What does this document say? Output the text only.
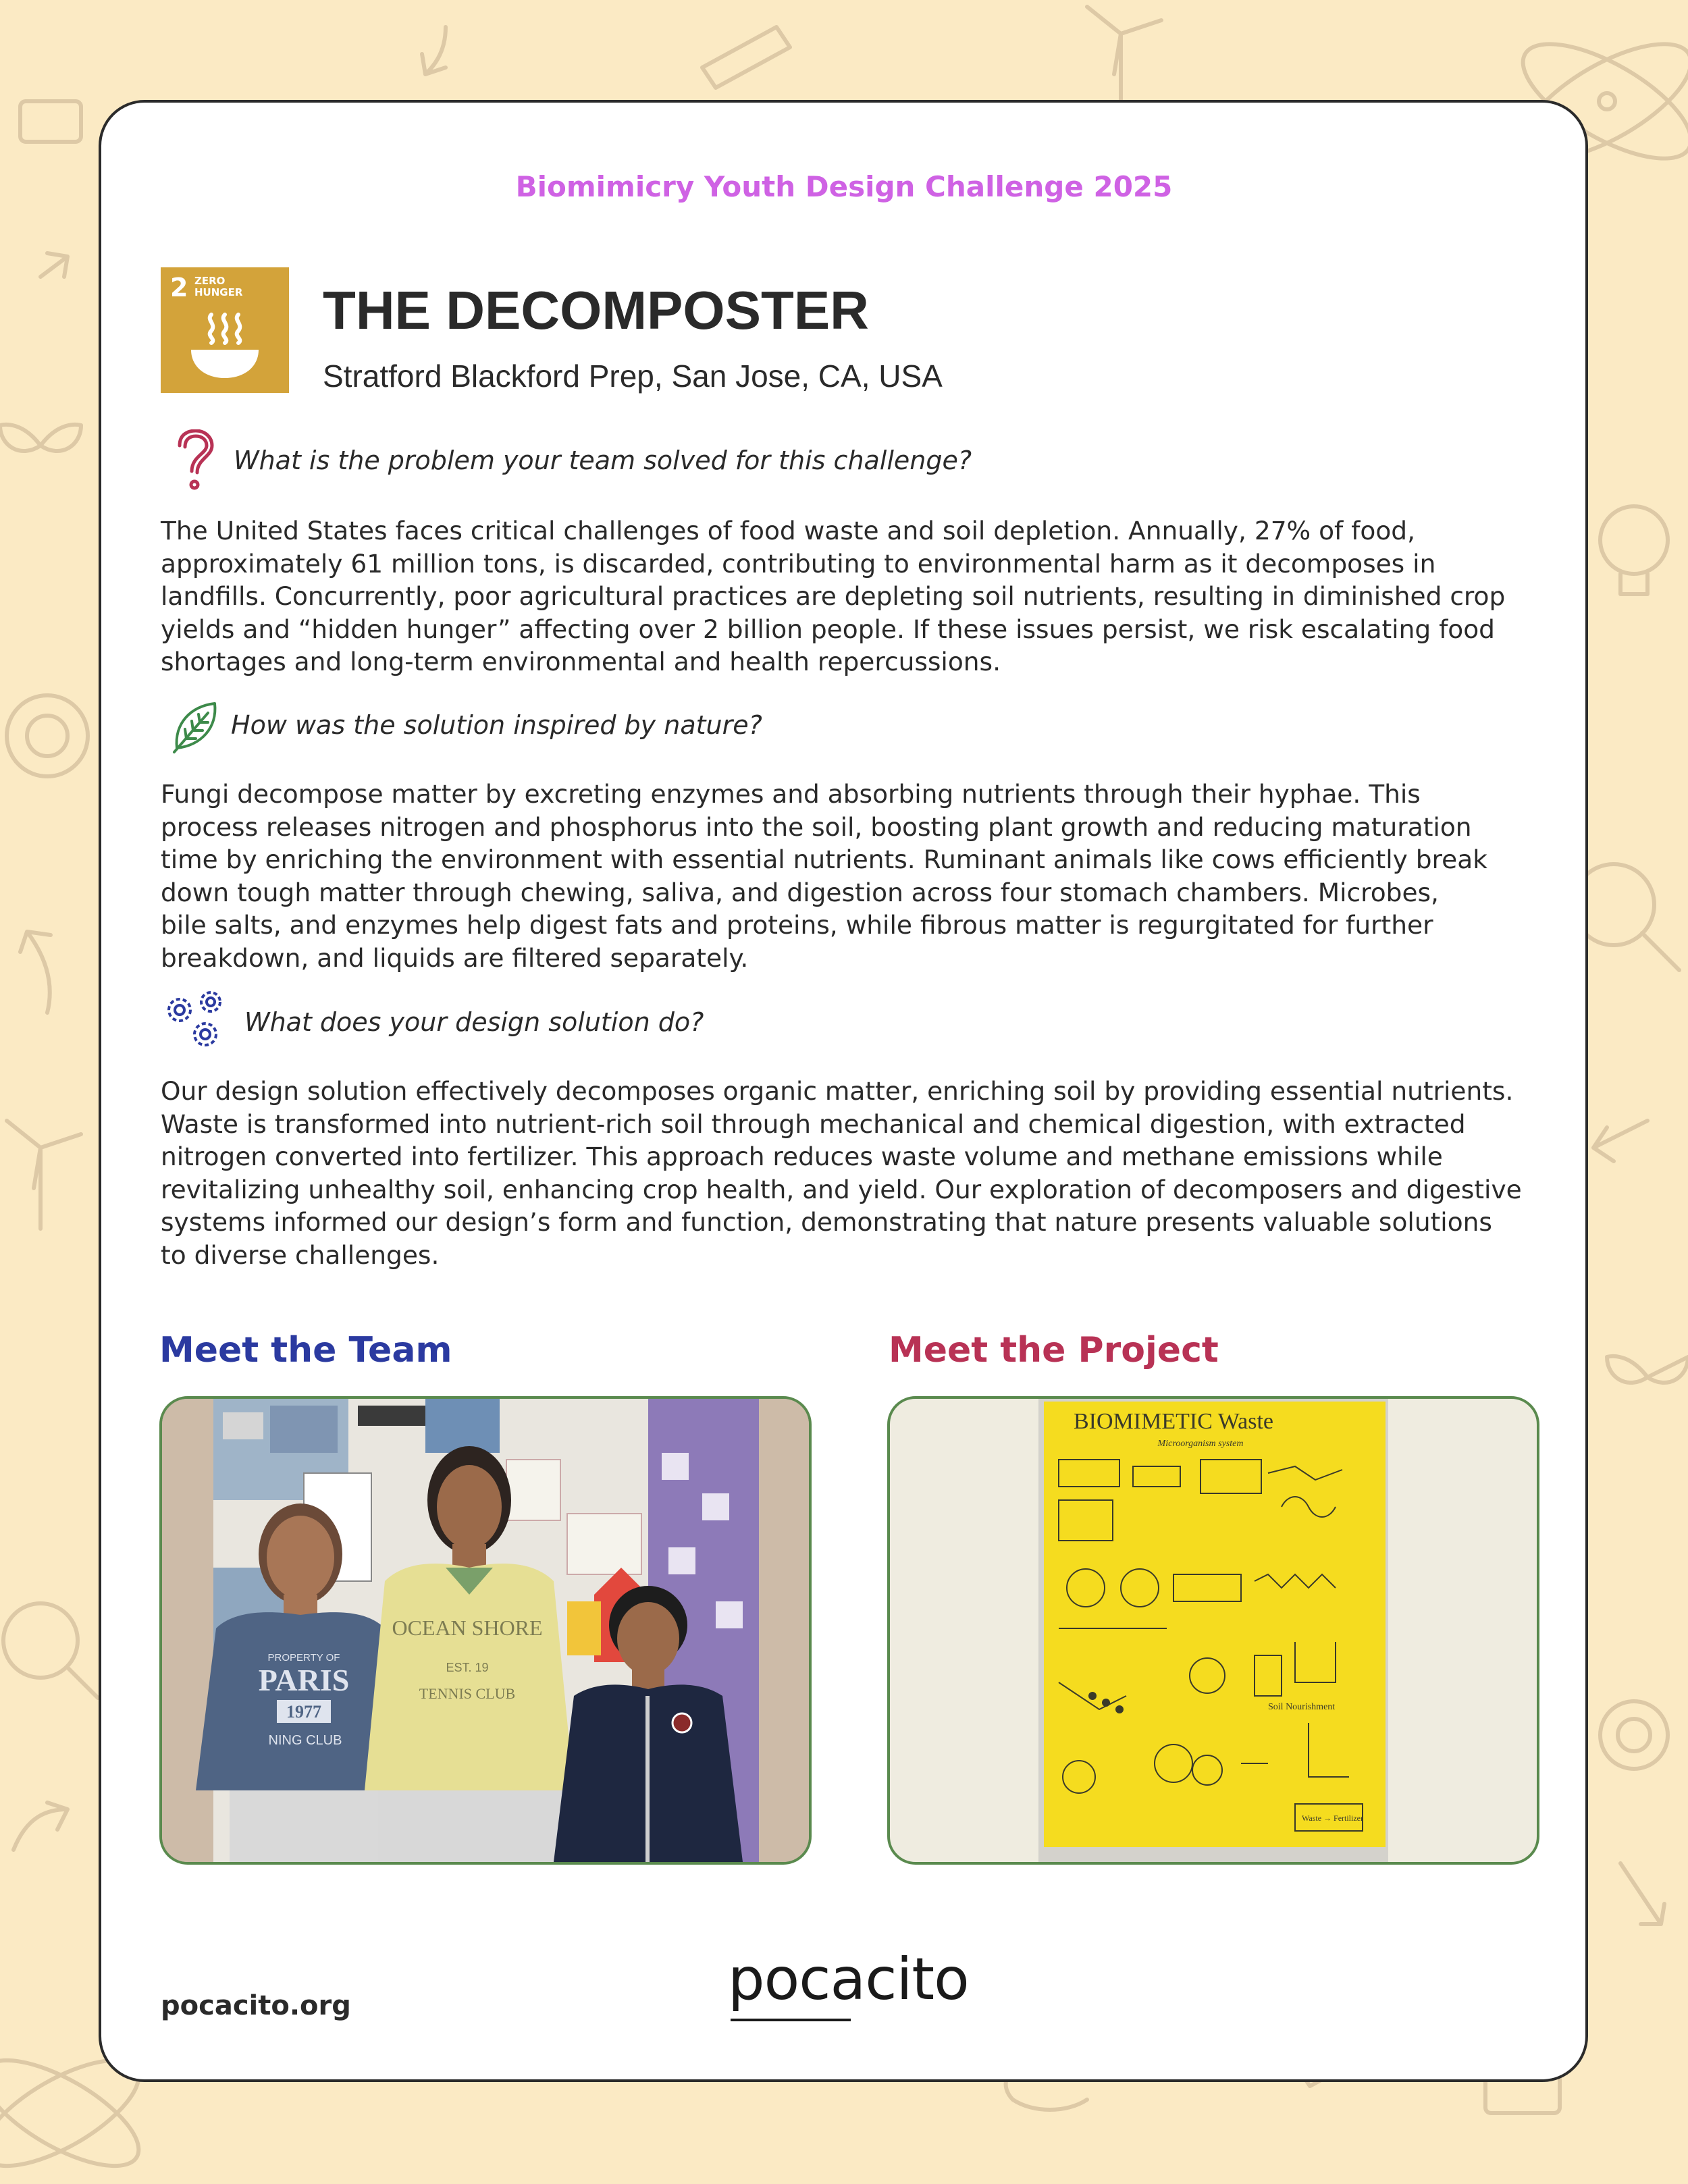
Biomimicry Youth Design Challenge 2025

2 ZERO
HUNGER	THE DECOMPOSTER

Stratford Blackford Prep, San Jose, CA, USA

What is the problem your team solved for this challenge?

The United States faces critical challenges of food waste and soil depletion. Annually, 27% of food,
approximately 61 million tons, is discarded, contributing to environmental harm as it decomposes in
landfills. Concurrently, poor agricultural practices are depleting soil nutrients, resulting in diminished crop
yields and “hidden hunger” affecting over 2 billion people. If these issues persist, we risk escalating food
shortages and long-term environmental and health repercussions.

How was the solution inspired by nature?

Fungi decompose matter by excreting enzymes and absorbing nutrients through their hyphae. This
process releases nitrogen and phosphorus into the soil, boosting plant growth and reducing maturation
time by enriching the environment with essential nutrients. Ruminant animals like cows efficiently break
down tough matter through chewing, saliva, and digestion across four stomach chambers. Microbes,
bile salts, and enzymes help digest fats and proteins, while fibrous matter is regurgitated for further
breakdown, and liquids are filtered separately.

What does your design solution do?

Our design solution effectively decomposes organic matter, enriching soil by providing essential nutrients.
Waste is transformed into nutrient-rich soil through mechanical and chemical digestion, with extracted
nitrogen converted into fertilizer. This approach reduces waste volume and methane emissions while
revitalizing unhealthy soil, enhancing crop health, and yield. Our exploration of decomposers and digestive
systems informed our design’s form and function, demonstrating that nature presents valuable solutions
to diverse challenges.

Meet the Team	Meet the Project
PROPERTY OF
PARIS
1977
NING CLUB
OCEAN SHORE
EST. 19
TENNIS CLUB
BIOMIMETIC Waste
Microorganism system
Soil Nourishment
Waste → Fertilizer

pocacito.org	pocacito
